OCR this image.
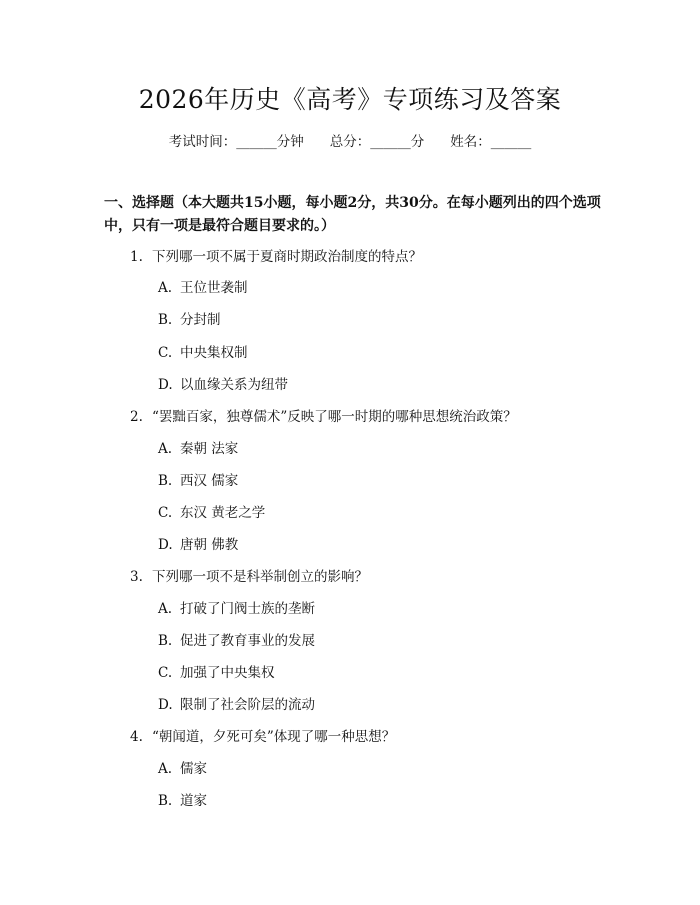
2026年历史《高考》专项练习及答案
考试时间：______分钟 总分：______分 姓名：______
一、选择题（本大题共15小题，每小题2分，共30分。在每小题列出的四个选项中，只有一项是最符合题目要求的。）
1. 下列哪一项不属于夏商时期政治制度的特点？
A. 王位世袭制
B. 分封制
C. 中央集权制
D. 以血缘关系为纽带
2. “罢黜百家，独尊儒术”反映了哪一时期的哪种思想统治政策？
A. 秦朝 法家
B. 西汉 儒家
C. 东汉 黄老之学
D. 唐朝 佛教
3. 下列哪一项不是科举制创立的影响？
A. 打破了门阀士族的垄断
B. 促进了教育事业的发展
C. 加强了中央集权
D. 限制了社会阶层的流动
4. “朝闻道，夕死可矣”体现了哪一种思想？
A. 儒家
B. 道家
